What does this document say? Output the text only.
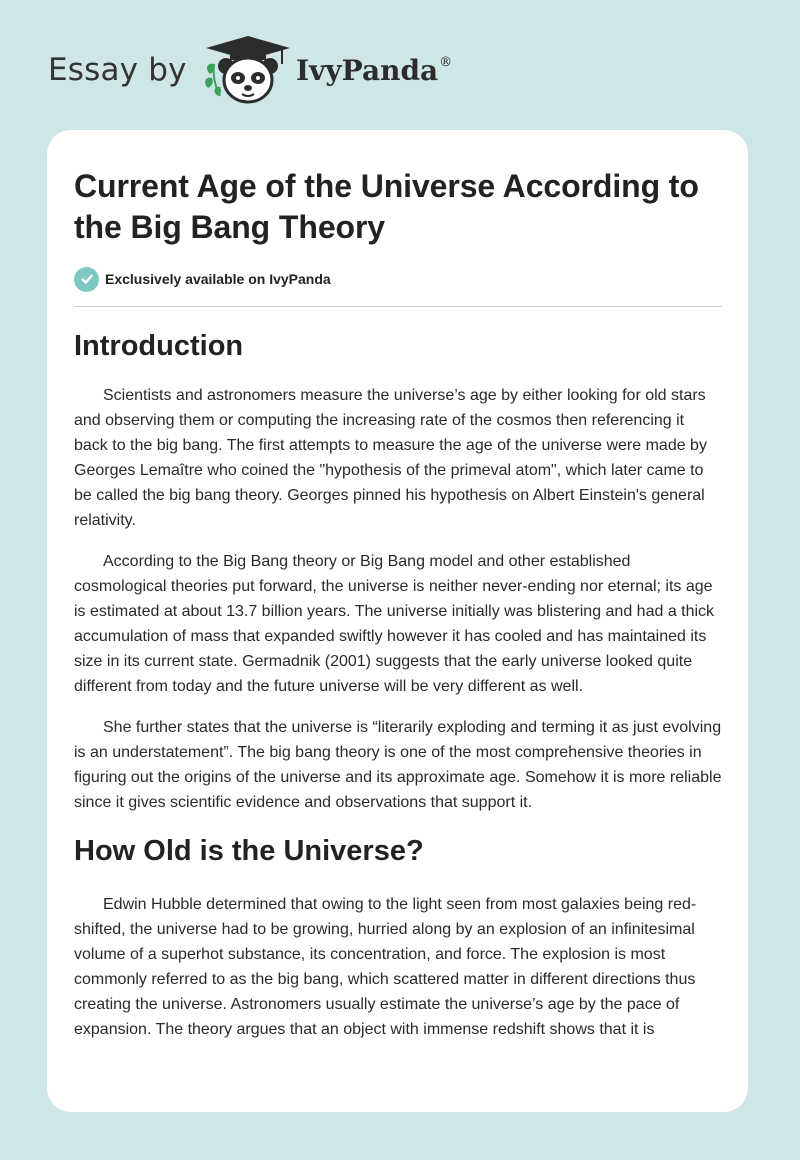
Essay by	IvyPanda®
Current Age of the Universe According to the Big Bang Theory
Exclusively available on IvyPanda
Introduction

Scientists and astronomers measure the universe’s age by either looking for old stars and observing them or computing the increasing rate of the cosmos then referencing it back to the big bang. The first attempts to measure the age of the universe were made by Georges Lemaître who coined the "hypothesis of the primeval atom", which later came to be called the big bang theory. Georges pinned his hypothesis on Albert Einstein's general relativity.

According to the Big Bang theory or Big Bang model and other established cosmological theories put forward, the universe is neither never-ending nor eternal; its age is estimated at about 13.7 billion years. The universe initially was blistering and had a thick accumulation of mass that expanded swiftly however it has cooled and has maintained its size in its current state. Germadnik (2001) suggests that the early universe looked quite different from today and the future universe will be very different as well.

She further states that the universe is “literarily exploding and terming it as just evolving is an understatement”. The big bang theory is one of the most comprehensive theories in figuring out the origins of the universe and its approximate age. Somehow it is more reliable since it gives scientific evidence and observations that support it.

How Old is the Universe?

Edwin Hubble determined that owing to the light seen from most galaxies being red-shifted, the universe had to be growing, hurried along by an explosion of an infinitesimal volume of a superhot substance, its concentration, and force. The explosion is most commonly referred to as the big bang, which scattered matter in different directions thus creating the universe. Astronomers usually estimate the universe’s age by the pace of expansion. The theory argues that an object with immense redshift shows that it is
